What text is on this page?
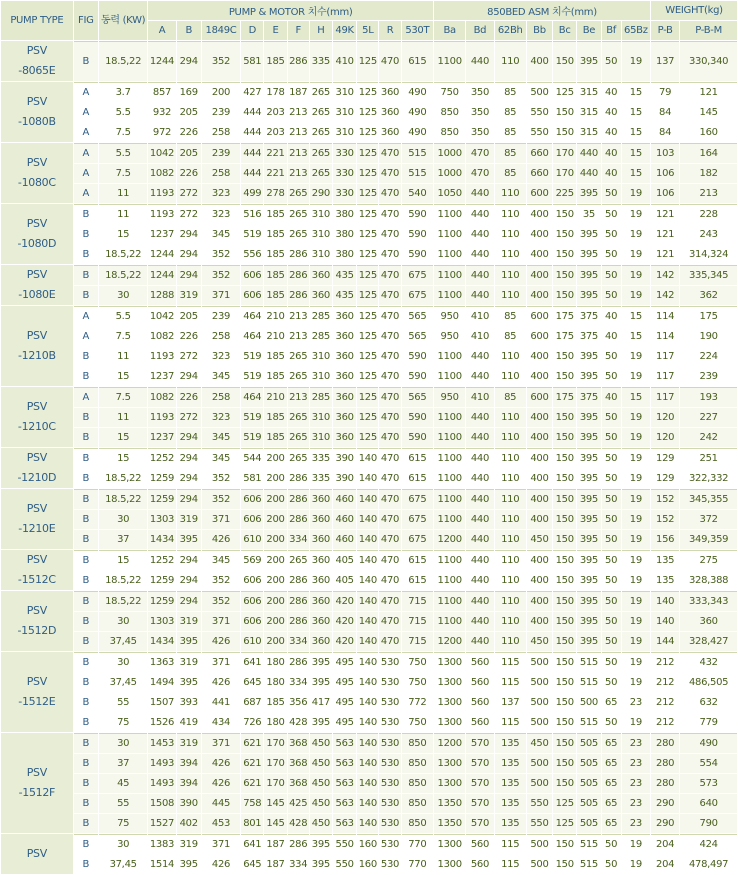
PUMP TYPE	FIG	동력 (KW)	PUMP & MOTOR 치수(mm)											850BED ASM 치수(mm)								WEIGHT(kg)	
			A	B	1849C	D	E	F	H	49K	5L	R	530T	Ba	Bd	62Bh	Bb	Bc	Be	Bf	65Bz	P-B	P-B-M

PSV
-8065E	B	18.5,22	1244	294	352	581	185	286	335	410	125	470	615	1100	440	110	400	150	395	50	19	137	330,340

PSV
-1080B	A	3.7	857	169	200	427	178	187	265	310	125	360	490	750	350	85	500	125	315	40	15	79	121
	A	5.5	932	205	239	444	203	213	265	310	125	360	490	850	350	85	550	150	315	40	15	84	145
	A	7.5	972	226	258	444	203	213	265	310	125	360	490	850	350	85	550	150	315	40	15	84	160

PSV
-1080C	A	5.5	1042	205	239	444	221	213	265	330	125	470	515	1000	470	85	660	170	440	40	15	103	164
	A	7.5	1082	226	258	444	221	213	265	330	125	470	515	1000	470	85	660	170	440	40	15	106	182
	A	11	1193	272	323	499	278	265	290	330	125	470	540	1050	440	110	600	225	395	50	19	106	213

PSV
-1080D	B	11	1193	272	323	516	185	265	310	380	125	470	590	1100	440	110	400	150	35	50	19	121	228
	B	15	1237	294	345	519	185	265	310	380	125	470	590	1100	440	110	400	150	395	50	19	121	243
	B	18.5,22	1244	294	352	556	185	286	310	380	125	470	590	1100	440	110	400	150	395	50	19	121	314,324

PSV
-1080E	B	18.5,22	1244	294	352	606	185	286	360	435	125	470	675	1100	440	110	400	150	395	50	19	142	335,345
	B	30	1288	319	371	606	185	286	360	435	125	470	675	1100	440	110	400	150	395	50	19	142	362

PSV
-1210B	A	5.5	1042	205	239	464	210	213	285	360	125	470	565	950	410	85	600	175	375	40	15	114	175
	A	7.5	1082	226	258	464	210	213	285	360	125	470	565	950	410	85	600	175	375	40	15	114	190
	B	11	1193	272	323	519	185	265	310	360	125	470	590	1100	440	110	400	150	395	50	19	117	224
	B	15	1237	294	345	519	185	265	310	360	125	470	590	1100	440	110	400	150	395	50	19	117	239

PSV
-1210C	A	7.5	1082	226	258	464	210	213	285	360	125	470	565	950	410	85	600	175	375	40	15	117	193
	B	11	1193	272	323	519	185	265	310	360	125	470	590	1100	440	110	400	150	395	50	19	120	227
	B	15	1237	294	345	519	185	265	310	360	125	470	590	1100	440	110	400	150	395	50	19	120	242

PSV
-1210D	B	15	1252	294	345	544	200	265	335	390	140	470	615	1100	440	110	400	150	395	50	19	129	251
	B	18.5,22	1259	294	352	581	200	286	335	390	140	470	615	1100	440	110	400	150	395	50	19	129	322,332

PSV
-1210E	B	18.5,22	1259	294	352	606	200	286	360	460	140	470	675	1100	440	110	400	150	395	50	19	152	345,355
	B	30	1303	319	371	606	200	286	360	460	140	470	675	1100	440	110	400	150	395	50	19	152	372
	B	37	1434	395	426	610	200	334	360	460	140	470	675	1200	440	110	450	150	395	50	19	156	349,359

PSV
-1512C	B	15	1252	294	345	569	200	265	360	405	140	470	615	1100	440	110	400	150	395	50	19	135	275
	B	18.5,22	1259	294	352	606	200	286	360	405	140	470	615	1100	440	110	400	150	395	50	19	135	328,388

PSV
-1512D	B	18.5,22	1259	294	352	606	200	286	360	420	140	470	715	1100	440	110	400	150	395	50	19	140	333,343
	B	30	1303	319	371	606	200	286	360	420	140	470	715	1100	440	110	400	150	395	50	19	140	360
	B	37,45	1434	395	426	610	200	334	360	420	140	470	715	1200	440	110	450	150	395	50	19	144	328,427

PSV
-1512E	B	30	1363	319	371	641	180	286	395	495	140	530	750	1300	560	115	500	150	515	50	19	212	432
	B	37,45	1494	395	426	645	180	334	395	495	140	530	750	1300	560	115	500	150	515	50	19	212	486,505
	B	55	1507	393	441	687	185	356	417	495	140	530	772	1300	560	137	500	150	500	65	23	212	632
	B	75	1526	419	434	726	180	428	395	495	140	530	750	1300	560	115	500	150	515	50	19	212	779

PSV
-1512F	B	30	1453	319	371	621	170	368	450	563	140	530	850	1200	570	135	450	150	505	65	23	280	490
	B	37	1493	394	426	621	170	368	450	563	140	530	850	1300	570	135	500	150	505	65	23	280	554
	B	45	1493	394	426	621	170	368	450	563	140	530	850	1300	570	135	500	150	505	65	23	280	573
	B	55	1508	390	445	758	145	425	450	563	140	530	850	1350	570	135	550	125	505	65	23	290	640
	B	75	1527	402	453	801	145	428	450	563	140	530	850	1350	570	135	550	125	505	65	23	290	790

PSV	B	30	1383	319	371	641	187	286	395	550	160	530	770	1300	560	115	500	150	515	50	19	204	424
	B	37,45	1514	395	426	645	187	334	395	550	160	530	770	1300	560	115	500	150	515	50	19	204	478,497
